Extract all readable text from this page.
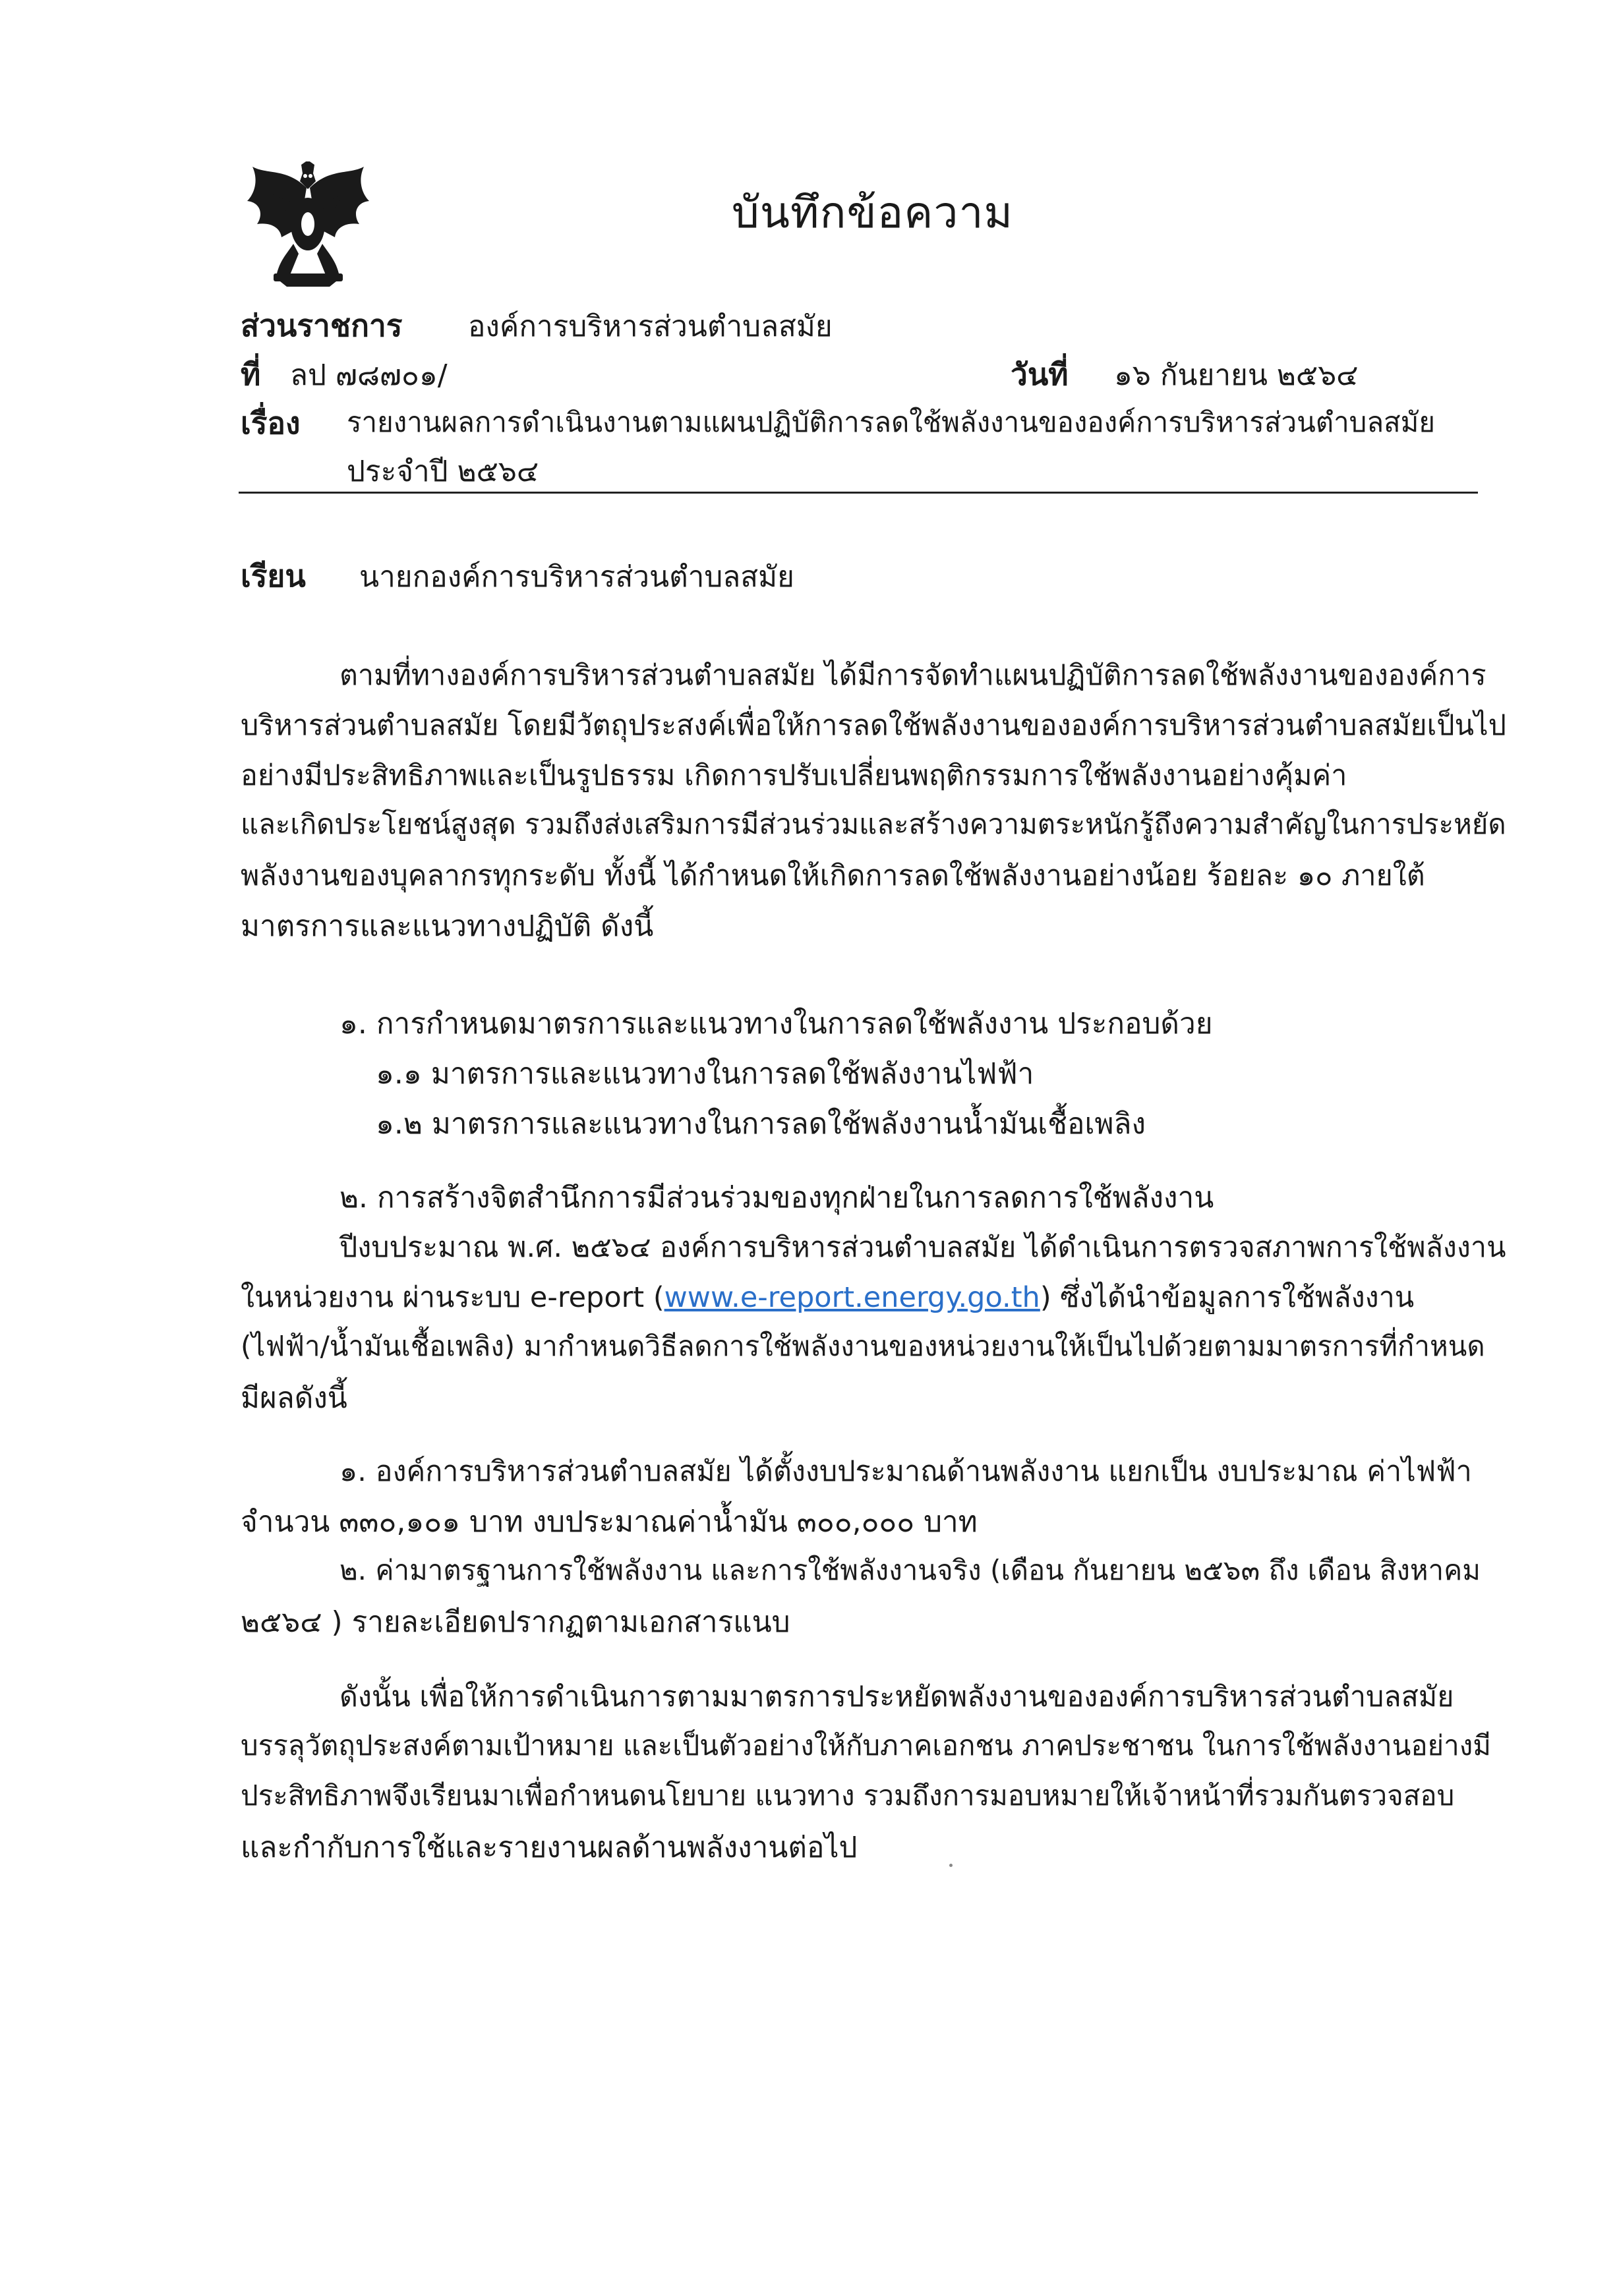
บันทึกข้อความ
ส่วนราชการ องค์การบริหารส่วนตำบลสมัย
ที่ ลป ๗๘๗๐๑/	วันที่ ๑๖ กันยายน ๒๕๖๔
เรื่อง รายงานผลการดำเนินงานตามแผนปฏิบัติการลดใช้พลังงานขององค์การบริหารส่วนตำบลสมัย
ประจำปี ๒๕๖๔
เรียน นายกองค์การบริหารส่วนตำบลสมัย
ตามที่ทางองค์การบริหารส่วนตำบลสมัย ได้มีการจัดทำแผนปฏิบัติการลดใช้พลังงานขององค์การ
บริหารส่วนตำบลสมัย โดยมีวัตถุประสงค์เพื่อให้การลดใช้พลังงานขององค์การบริหารส่วนตำบลสมัยเป็นไป
อย่างมีประสิทธิภาพและเป็นรูปธรรม เกิดการปรับเปลี่ยนพฤติกรรมการใช้พลังงานอย่างคุ้มค่า
และเกิดประโยชน์สูงสุด รวมถึงส่งเสริมการมีส่วนร่วมและสร้างความตระหนักรู้ถึงความสำคัญในการประหยัด
พลังงานของบุคลากรทุกระดับ ทั้งนี้ ได้กำหนดให้เกิดการลดใช้พลังงานอย่างน้อย ร้อยละ ๑๐ ภายใต้
มาตรการและแนวทางปฏิบัติ ดังนี้
๑. การกำหนดมาตรการและแนวทางในการลดใช้พลังงาน ประกอบด้วย
๑.๑ มาตรการและแนวทางในการลดใช้พลังงานไฟฟ้า
๑.๒ มาตรการและแนวทางในการลดใช้พลังงานน้ำมันเชื้อเพลิง
๒. การสร้างจิตสำนึกการมีส่วนร่วมของทุกฝ่ายในการลดการใช้พลังงาน
ปีงบประมาณ พ.ศ. ๒๕๖๔ องค์การบริหารส่วนตำบลสมัย ได้ดำเนินการตรวจสภาพการใช้พลังงาน
ในหน่วยงาน ผ่านระบบ e-report (www.e-report.energy.go.th) ซึ่งได้นำข้อมูลการใช้พลังงาน
(ไฟฟ้า/น้ำมันเชื้อเพลิง) มากำหนดวิธีลดการใช้พลังงานของหน่วยงานให้เป็นไปด้วยตามมาตรการที่กำหนด
มีผลดังนี้
๑. องค์การบริหารส่วนตำบลสมัย ได้ตั้งงบประมาณด้านพลังงาน แยกเป็น งบประมาณ ค่าไฟฟ้า
จำนวน ๓๓๐,๑๐๑ บาท งบประมาณค่าน้ำมัน ๓๐๐,๐๐๐ บาท
๒. ค่ามาตรฐานการใช้พลังงาน และการใช้พลังงานจริง (เดือน กันยายน ๒๕๖๓ ถึง เดือน สิงหาคม
๒๕๖๔ ) รายละเอียดปรากฏตามเอกสารแนบ
ดังนั้น เพื่อให้การดำเนินการตามมาตรการประหยัดพลังงานขององค์การบริหารส่วนตำบลสมัย
บรรลุวัตถุประสงค์ตามเป้าหมาย และเป็นตัวอย่างให้กับภาคเอกชน ภาคประชาชน ในการใช้พลังงานอย่างมี
ประสิทธิภาพจึงเรียนมาเพื่อกำหนดนโยบาย แนวทาง รวมถึงการมอบหมายให้เจ้าหน้าที่รวมกันตรวจสอบ
และกำกับการใช้และรายงานผลด้านพลังงานต่อไป
